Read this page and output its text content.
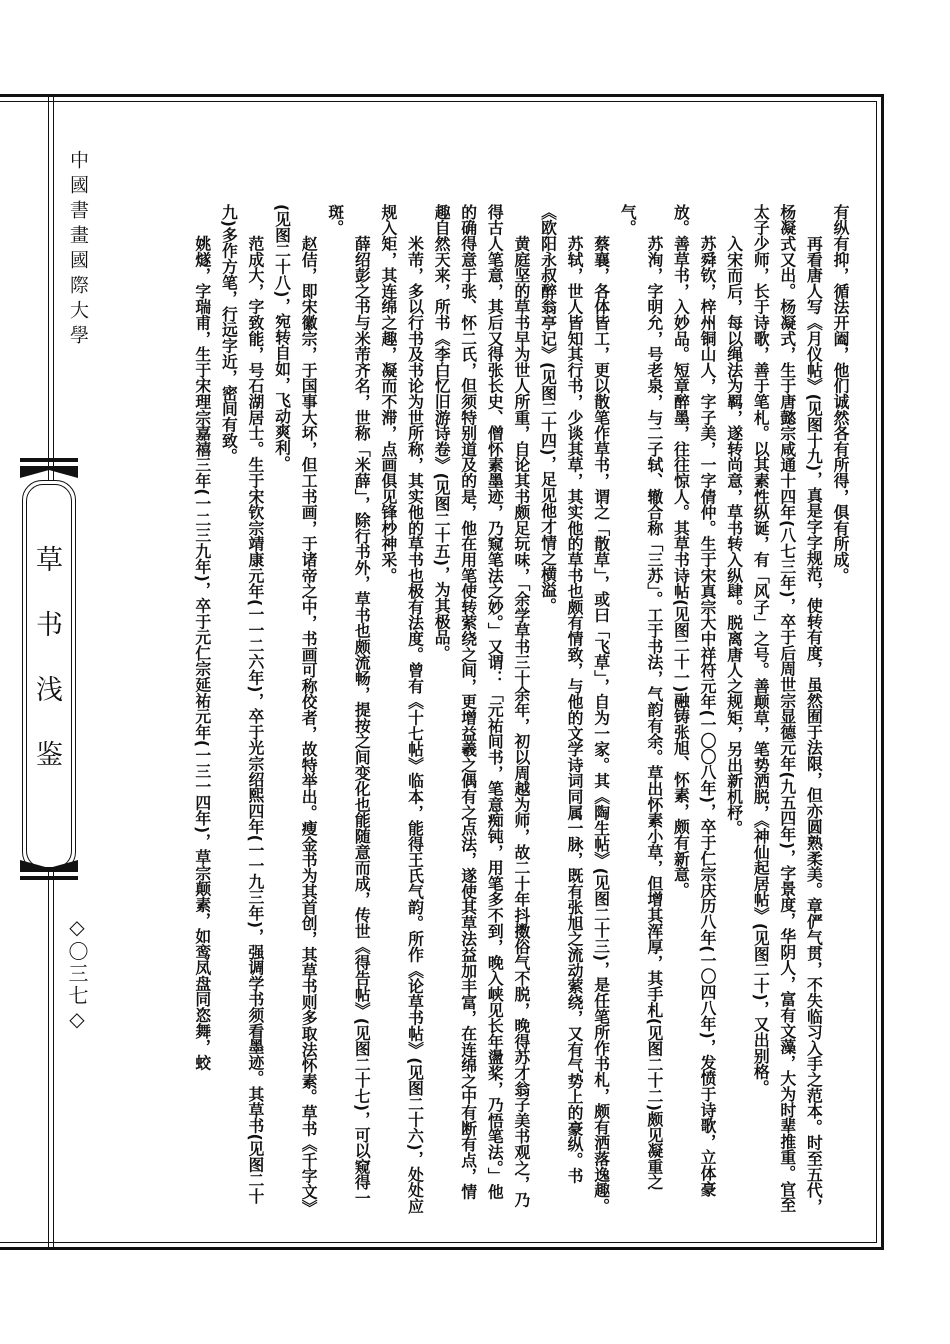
中國書畫國際大學
草书浅鉴
◇〇三七◇

有纵有抑，循法开阖，他们诚然各有所得，俱有所成。

　　再看唐人写《月仪帖》(见图十九)，真是字字规范，使转有度，虽然囿于法限，但亦圆熟柔美。章俨气贯，不失临习入手之范本。时至五代，杨凝式又出。杨凝式，生于唐懿宗咸通十四年(八七三年)，卒于后周世宗显德元年(九五四年)，字景度，华阴人，富有文藻，大为时辈推重。官至太子少师，长于诗歌，善于笔札。以其素性纵诞，有「风子」之号。善颠草，笔势洒脱，《神仙起居帖》(见图二十)，又出别格。

　　入宋而后，每以绳法为羁，遂转尚意，草书转入纵肆。脱离唐人之规矩，另出新机杼。

　　苏舜钦，梓州铜山人，字子美，一字倩仲。生于宋真宗大中祥符元年(一〇〇八年)，卒于仁宗庆历八年(一〇四八年)，发愤于诗歌，立体豪放。善草书，入妙品。短章醉墨，往往惊人。其草书诗帖(见图二十一)融铸张旭、怀素，颇有新意。

　　苏洵，字明允，号老泉，与二子轼、辙合称「三苏」。工于书法，气韵有余。草出怀素小草，但增其浑厚，其手札(见图二十二)颇见凝重之气。

　　蔡襄，各体皆工，更以散笔作草书，谓之「散草」，或曰「飞草」，自为一家。其《陶生帖》(见图二十三)，是任笔所作书札，颇有洒落逸趣。

　　苏轼，世人皆知其行书，少谈其草，其实他的草书也颇有情致，与他的文学诗词同属一脉，既有张旭之流动萦绕，又有气势上的豪纵。书《欧阳永叔醉翁亭记》(见图二十四)，足见他才情之横溢。

　　黄庭坚的草书早为世人所重，自论其书颇足玩味，「余学草书三十余年，初以周越为师，故二十年抖擞俗气不脱，晚得苏才翁子美书观之，乃得古人笔意，其后又得张长史、僧怀素墨迹，乃窥笔法之妙。」又谓：「元祐间书，笔意痴钝，用笔多不到，晚入峡见长年盪桨，乃悟笔法。」他的确得意于张、怀二氏，但须特别道及的是，他在用笔使转萦绕之间，更增益羲之偶有之点法，遂使其草法益加丰富，在连绵之中有断有点，情趣自然天来，所书《李白忆旧游诗卷》(见图二十五)，为其极品。

　　米芾，多以行书及书论为世所称，其实他的草书也极有法度。曾有《十七帖》临本，能得王氏气韵。所作《论草书帖》(见图二十六)，处处应规入矩，其连绵之趣，凝而不滞，点画俱见锋杪神采。

　　薛绍彭之书与米芾齐名，世称「米薛」，除行书外，草书也颇流畅，提按之间变化也能随意而成，传世《得告帖》(见图二十七)，可以窥得一斑。

　　赵佶，即宋徽宗，于国事大坏，但工书画，于诸帝之中，书画可称佼者，故特举出。瘦金书为其首创，其草书则多取法怀素。草书《千字文》(见图二十八)，宛转自如，飞动爽利。

　　范成大，字致能，号石湖居士。生于宋钦宗靖康元年(一一二六年)，卒于光宗绍熙四年(一一九三年)，强调学书须看墨迹。其草书(见图二十九)多作方笔，行远字近，密间有致。

　　姚燧，字瑞甫，生于宋理宗嘉禧三年(一二三九年)，卒于元仁宗延祐元年(一三一四年)，草宗颠素，如鸾凤盘同恣舞，蛟
